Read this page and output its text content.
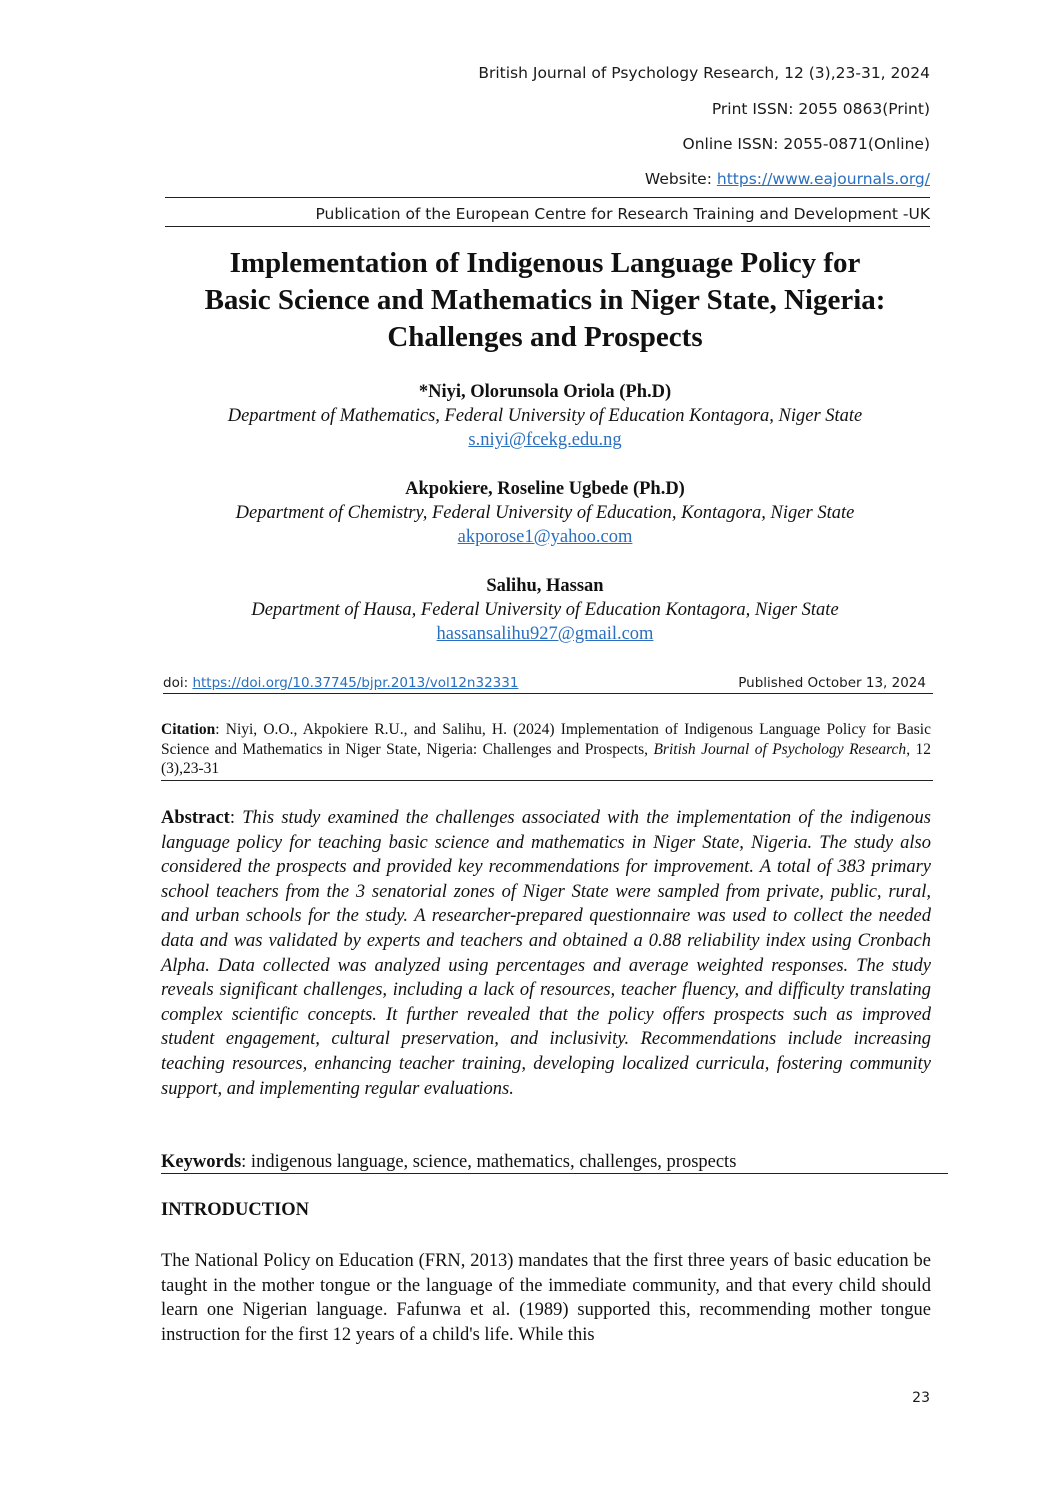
British Journal of Psychology Research, 12 (3),23-31, 2024
Print ISSN: 2055 0863(Print)
Online ISSN: 2055-0871(Online)
Website: https://www.eajournals.org/
Publication of the European Centre for Research Training and Development -UK
Implementation of Indigenous Language Policy for
Basic Science and Mathematics in Niger State, Nigeria:
Challenges and Prospects
*Niyi, Olorunsola Oriola (Ph.D)
Department of Mathematics, Federal University of Education Kontagora, Niger State
s.niyi@fcekg.edu.ng
Akpokiere, Roseline Ugbede (Ph.D)
Department of Chemistry, Federal University of Education, Kontagora, Niger State
akporose1@yahoo.com
Salihu, Hassan
Department of Hausa, Federal University of Education Kontagora, Niger State
hassansalihu927@gmail.com
doi: https://doi.org/10.37745/bjpr.2013/vol12n32331	Published October 13, 2024
Citation: Niyi, O.O., Akpokiere R.U., and Salihu, H. (2024) Implementation of Indigenous Language Policy for Basic Science and Mathematics in Niger State, Nigeria: Challenges and Prospects, British Journal of Psychology Research, 12 (3),23-31
Abstract: This study examined the challenges associated with the implementation of the indigenous language policy for teaching basic science and mathematics in Niger State, Nigeria. The study also considered the prospects and provided key recommendations for improvement. A total of 383 primary school teachers from the 3 senatorial zones of Niger State were sampled from private, public, rural, and urban schools for the study. A researcher-prepared questionnaire was used to collect the needed data and was validated by experts and teachers and obtained a 0.88 reliability index using Cronbach Alpha. Data collected was analyzed using percentages and average weighted responses. The study reveals significant challenges, including a lack of resources, teacher fluency, and difficulty translating complex scientific concepts. It further revealed that the policy offers prospects such as improved student engagement, cultural preservation, and inclusivity. Recommendations include increasing teaching resources, enhancing teacher training, developing localized curricula, fostering community support, and implementing regular evaluations.
Keywords: indigenous language, science, mathematics, challenges, prospects
INTRODUCTION
The National Policy on Education (FRN, 2013) mandates that the first three years of basic education be taught in the mother tongue or the language of the immediate community, and that every child should learn one Nigerian language. Fafunwa et al. (1989) supported this, recommending mother tongue instruction for the first 12 years of a child's life. While this
23
